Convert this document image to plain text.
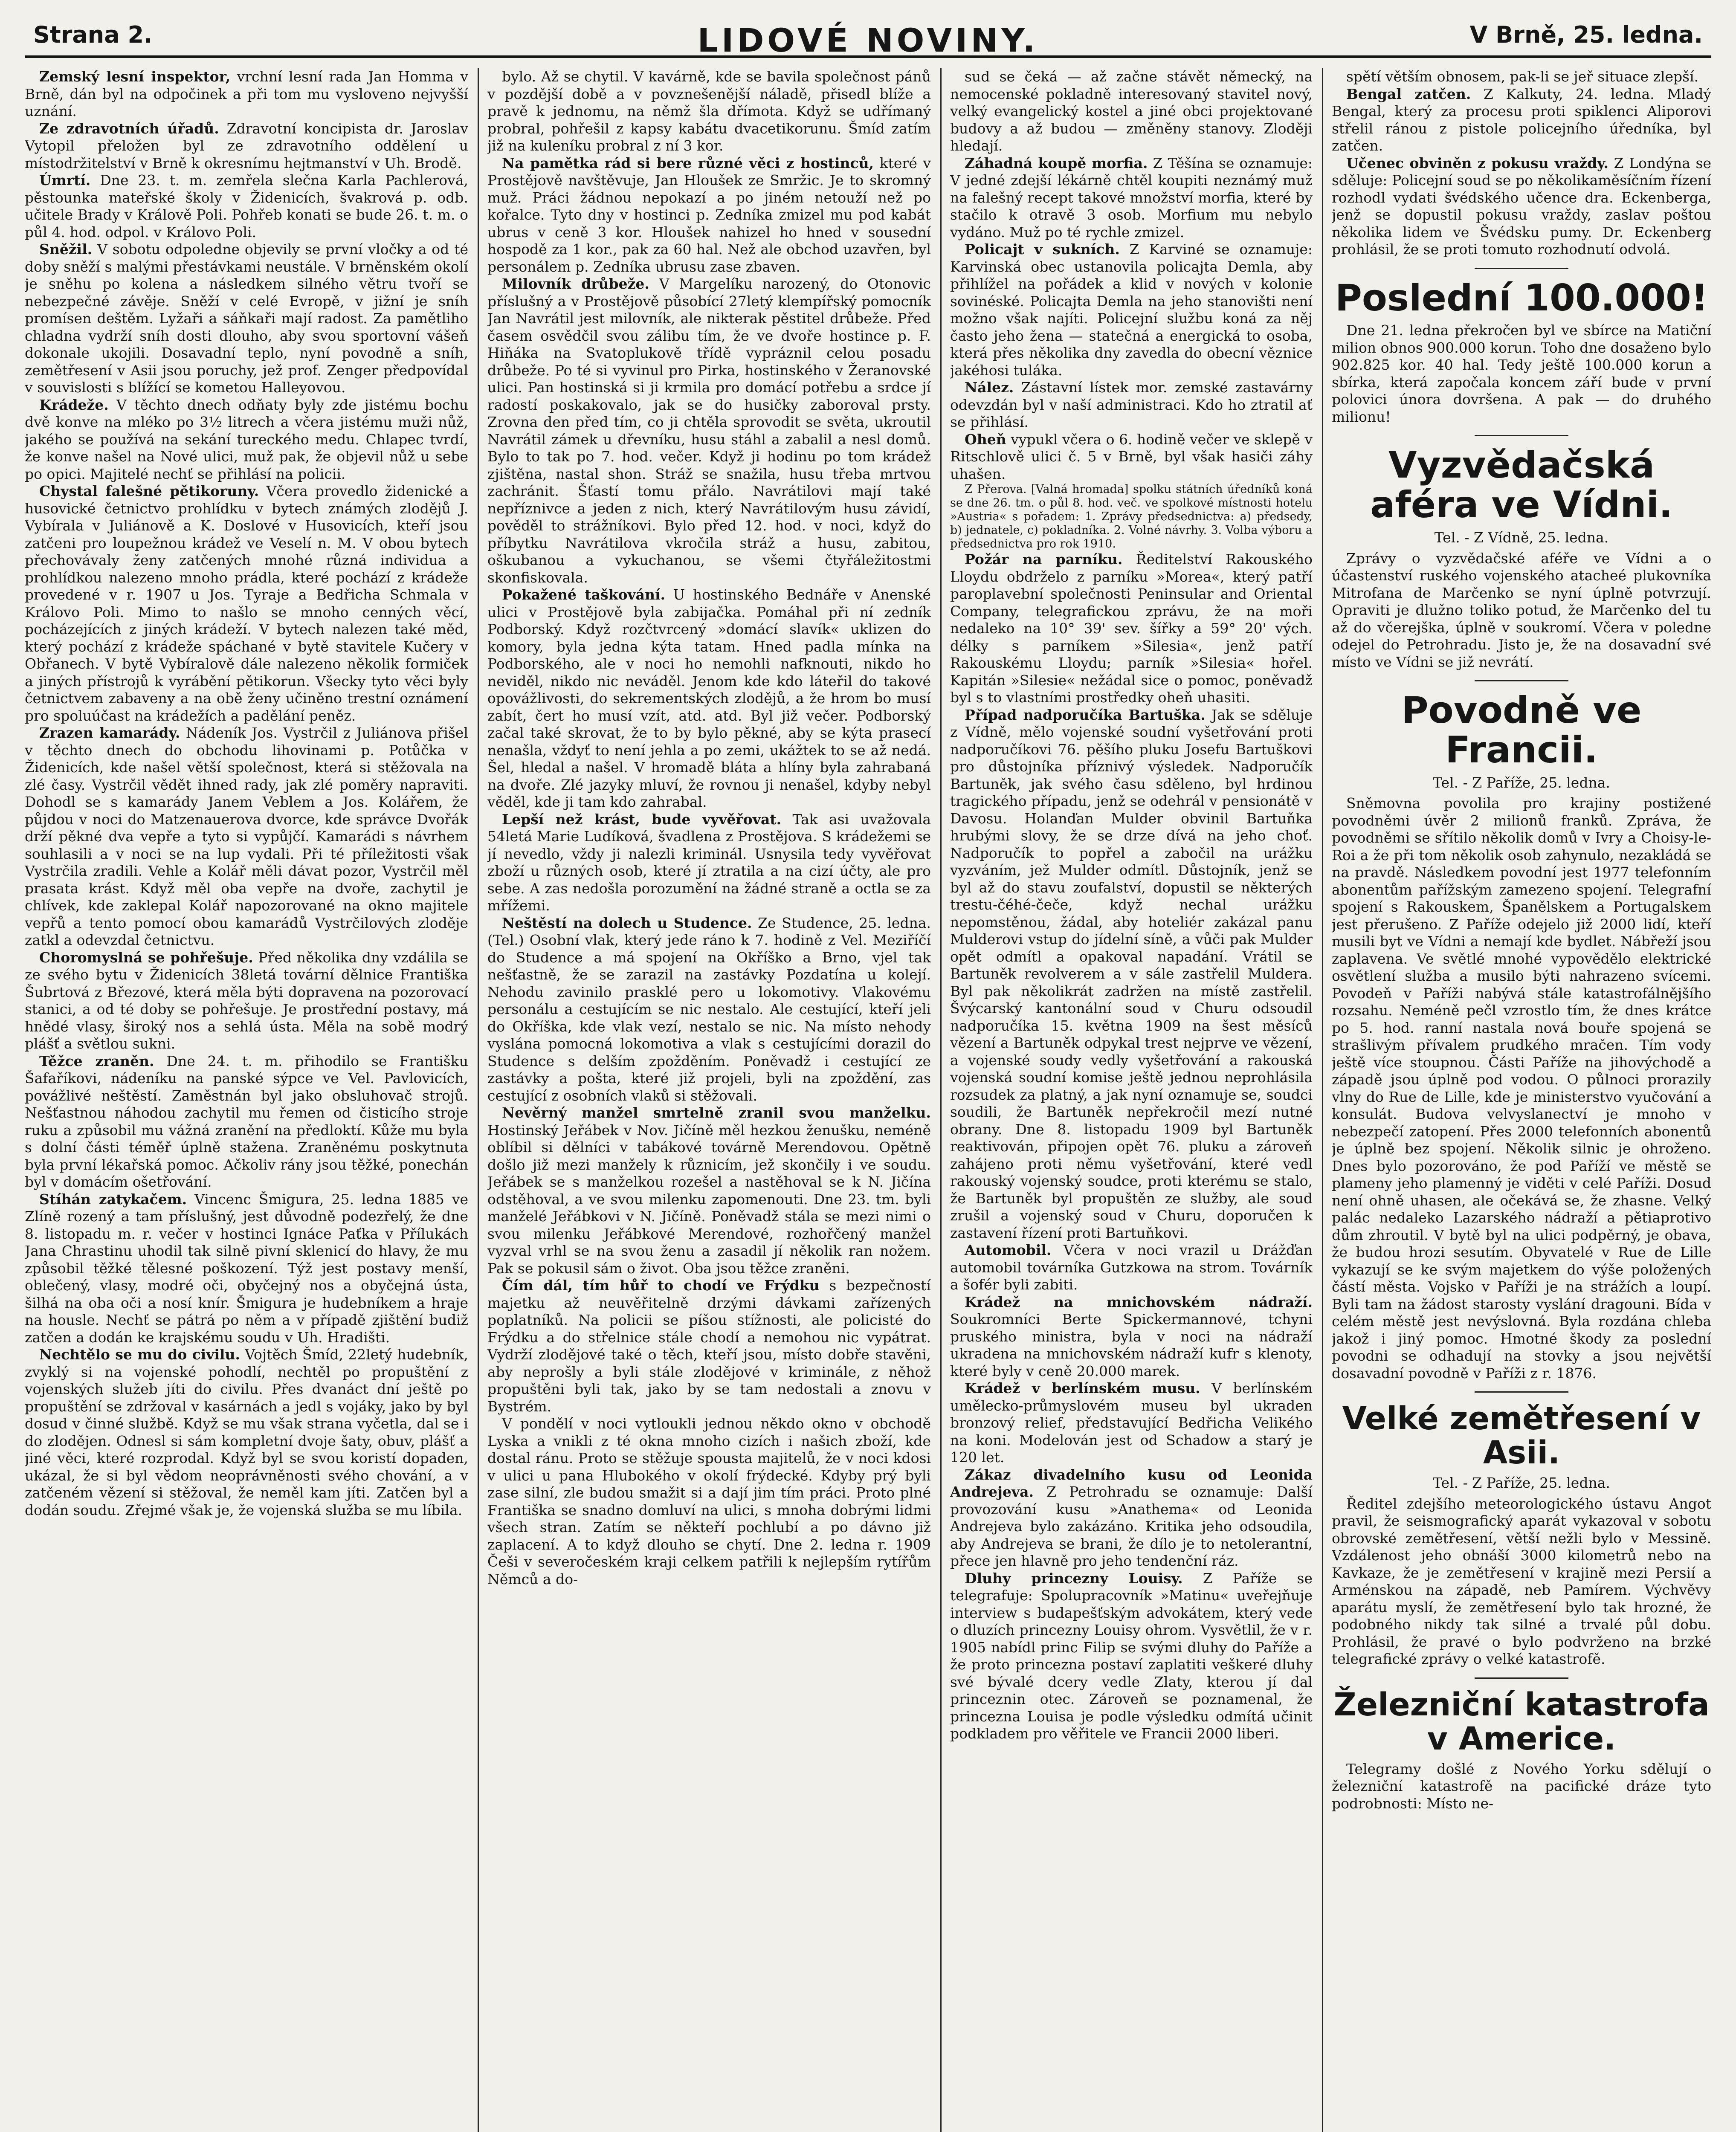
Strana 2.	LIDOVÉ NOVINY.	V Brně, 25. ledna.

Zemský lesní inspektor, vrchní lesní rada Jan Homma v Brně, dán byl na odpočinek a při tom mu vysloveno nejvyšší uznání.

Ze zdravotních úřadů. Zdravotní koncipista dr. Jaroslav Vytopil přeložen byl ze zdravotního oddělení u místodržitelství v Brně k okresnímu hejtmanství v Uh. Brodě.

Úmrtí. Dne 23. t. m. zemřela slečna Karla Pachlerová, pěstounka mateřské školy v Židenicích, švakrová p. odb. učitele Brady v Králově Poli. Pohřeb konati se bude 26. t. m. o půl 4. hod. odpol. v Královo Poli.

Sněžil. V sobotu odpoledne objevily se první vločky a od té doby sněží s malými přestávkami neustále. V brněnském okolí je sněhu po kolena a následkem silného větru tvoří se nebezpečné závěje. Sněží v celé Evropě, v jižní je sníh promísen deštěm. Lyžaři a sáňkaři mají radost. Za pamětliho chladna vydrží sníh dosti dlouho, aby svou sportovní vášeň dokonale ukojili. Dosavadní teplo, nyní povodně a sníh, zemětřesení v Asii jsou poruchy, jež prof. Zenger předpovídal v souvislosti s blížící se kometou Halleyovou.

Krádeže. V těchto dnech odňaty byly zde jistému bochu dvě konve na mléko po 3½ litrech a včera jistému muži nůž, jakého se používá na sekání tureckého medu. Chlapec tvrdí, že konve našel na Nové ulici, muž pak, že objevil nůž u sebe po opici. Majitelé nechť se přihlásí na policii.

Chystal falešné pětikoruny. Včera provedlo židenické a husovické četnictvo prohlídku v bytech známých zlodějů J. Vybírala v Juliánově a K. Doslové v Husovicích, kteří jsou zatčeni pro loupežnou krádež ve Veselí n. M. V obou bytech přechovávaly ženy zatčených mnohé různá individua a prohlídkou nalezeno mnoho prádla, které pochází z krádeže provedené v r. 1907 u Jos. Tyraje a Bedřicha Schmala v Královo Poli. Mimo to našlo se mnoho cenných věcí, pocházejících z jiných krádeží. V bytech nalezen také měd, který pochází z krádeže spáchané v bytě stavitele Kučery v Obřanech. V bytě Vybíralově dále nalezeno několik formiček a jiných přístrojů k vyrábění pětikorun. Všecky tyto věci byly četnictvem zabaveny a na obě ženy učiněno trestní oznámení pro spoluúčast na krádežích a padělání peněz.

Zrazen kamarády. Nádeník Jos. Vystrčil z Juliánova přišel v těchto dnech do obchodu lihovinami p. Potůčka v Židenicích, kde našel větší společnost, která si stěžovala na zlé časy. Vystrčil vědět ihned rady, jak zlé poměry napraviti. Dohodl se s kamarády Janem Veblem a Jos. Kolářem, že půjdou v noci do Matzenauerova dvorce, kde správce Dvořák drží pěkné dva vepře a tyto si vypůjčí. Kamarádi s návrhem souhlasili a v noci se na lup vydali. Při té příležitosti však Vystrčila zradili. Vehle a Kolář měli dávat pozor, Vystrčil měl prasata krást. Když měl oba vepře na dvoře, zachytil je chlívek, kde zaklepal Kolář napozorované na okno majitele vepřů a tento pomocí obou kamarádů Vystrčilových zloděje zatkl a odevzdal četnictvu.

Choromyslná se pohřešuje. Před několika dny vzdálila se ze svého bytu v Židenicích 38letá tovární dělnice Františka Šubrtová z Březové, která měla býti dopravena na pozorovací stanici, a od té doby se pohřešuje. Je prostřední postavy, má hnědé vlasy, široký nos a sehlá ústa. Měla na sobě modrý plášť a světlou sukni.

Těžce zraněn. Dne 24. t. m. přihodilo se Františku Šafaříkovi, nádeníku na panské sýpce ve Vel. Pavlovicích, povážlivé neštěstí. Zaměstnán byl jako obsluhovač strojů. Nešťastnou náhodou zachytil mu řemen od čisticího stroje ruku a způsobil mu vážná zranění na předloktí. Kůže mu byla s dolní části téměř úplně stažena. Zraněnému poskytnuta byla první lékařská pomoc. Ačkoliv rány jsou těžké, ponechán byl v domácím ošetřování.

Stíhán zatykačem. Vincenc Šmigura, 25. ledna 1885 ve Zlíně rozený a tam příslušný, jest důvodně podezřelý, že dne 8. listopadu m. r. večer v hostinci Ignáce Paťka v Přílukách Jana Chrastinu uhodil tak silně pivní sklenicí do hlavy, že mu způsobil těžké tělesné poškození. Týž jest postavy menší, oblečený, vlasy, modré oči, obyčejný nos a obyčejná ústa, šilhá na oba oči a nosí knír. Šmigura je hudebníkem a hraje na housle. Nechť se pátrá po něm a v případě zjištění budiž zatčen a dodán ke krajskému soudu v Uh. Hradišti.

Nechtělo se mu do civilu. Vojtěch Šmíd, 22letý hudebník, zvyklý si na vojenské pohodlí, nechtěl po propuštění z vojenských služeb jíti do civilu. Přes dvanáct dní ještě po propuštění se zdržoval v kasárnách a jedl s vojáky, jako by byl dosud v činné službě. Když se mu však strana vyčetla, dal se i do zlodějen. Odnesl si sám kompletní dvoje šaty, obuv, plášť a jiné věci, které rozprodal. Když byl se svou koristí dopaden, ukázal, že si byl vědom neoprávněnosti svého chování, a v zatčeném vězení si stěžoval, že neměl kam jíti. Zatčen byl a dodán soudu. Zřejmé však je, že vojenská služba se mu líbila.

bylo. Až se chytil. V kavárně, kde se bavila společnost pánů v pozdější době a v povznešenější náladě, přisedl blíže a pravě k jednomu, na němž šla dřímota. Když se udřímaný probral, pohřešil z kapsy kabátu dvacetikorunu. Šmíd zatím již na kuleníku probral z ní 3 kor.

Na pamětka rád si bere různé věci z hostinců, které v Prostějově navštěvuje, Jan Hloušek ze Smržic. Je to skromný muž. Práci žádnou nepokazí a po jiném netouží než po kořalce. Tyto dny v hostinci p. Zedníka zmizel mu pod kabát ubrus v ceně 3 kor. Hloušek nahizel ho hned v sousední hospodě za 1 kor., pak za 60 hal. Než ale obchod uzavřen, byl personálem p. Zedníka ubrusu zase zbaven.

Milovník drůbeže. V Margelíku narozený, do Otonovic příslušný a v Prostějově působící 27letý klempířský pomocník Jan Navrátil jest milovník, ale nikterak pěstitel drůbeže. Před časem osvědčil svou zálibu tím, že ve dvoře hostince p. F. Hiňáka na Svatoplukově třídě vypráznil celou posadu drůbeže. Po té si vyvinul pro Pirka, hostinského v Žeranovské ulici. Pan hostinská si ji krmila pro domácí potřebu a srdce jí radostí poskakovalo, jak se do husičky zaboroval prsty. Zrovna den před tím, co ji chtěla sprovodit se světa, ukroutil Navrátil zámek u dřevníku, husu stáhl a zabalil a nesl domů. Bylo to tak po 7. hod. večer. Když ji hodinu po tom krádež zjištěna, nastal shon. Stráž se snažila, husu třeba mrtvou zachránit. Šťastí tomu přálo. Navrátilovi mají také nepříznivce a jeden z nich, který Navrátilovým husu závidí, pověděl to strážníkovi. Bylo před 12. hod. v noci, když do příbytku Navrátilova vkročila stráž a husu, zabitou, oškubanou a vykuchanou, se všemi čtyřáležitostmi skonfiskovala.

Pokažené taškování. U hostinského Bednáře v Anenské ulici v Prostějově byla zabijačka. Pomáhal při ní zedník Podborský. Když rozčtvrcený »domácí slavík« uklizen do komory, byla jedna kýta tatam. Hned padla mínka na Podborského, ale v noci ho nemohli nafknouti, nikdo ho neviděl, nikdo nic neváděl. Jenom kde kdo láteřil do takové opovážlivosti, do sekrementských zlodějů, a že hrom bo musí zabít, čert ho musí vzít, atd. atd. Byl již večer. Podborský začal také skrovat, že to by bylo pěkné, aby se kýta prasecí nenašla, vždyť to není jehla a po zemi, ukážtek to se až nedá. Šel, hledal a našel. V hromadě bláta a hlíny byla zahrabaná na dvoře. Zlé jazyky mluví, že rovnou ji nenašel, kdyby nebyl věděl, kde ji tam kdo zahrabal.

Lepší než krást, bude vyvěřovat. Tak asi uvažovala 54letá Marie Ludíková, švadlena z Prostějova. S krádežemi se jí nevedlo, vždy ji nalezli kriminál. Usnysila tedy vyvěřovat zboží u různých osob, které jí ztratila a na cizí účty, ale pro sebe. A zas nedošla porozumění na žádné straně a octla se za mřížemi.

Neštěstí na dolech u Studence. Ze Studence, 25. ledna. (Tel.) Osobní vlak, který jede ráno k 7. hodině z Vel. Meziříčí do Studence a má spojení na Okříško a Brno, vjel tak nešťastně, že se zarazil na zastávky Pozdatína u kolejí. Nehodu zavinilo prasklé pero u lokomotivy. Vlakovému personálu a cestujícím se nic nestalo. Ale cestující, kteří jeli do Okříška, kde vlak vezí, nestalo se nic. Na místo nehody vyslána pomocná lokomotiva a vlak s cestujícími dorazil do Studence s delším zpožděním. Poněvadž i cestující ze zastávky a pošta, které již projeli, byli na zpoždění, zas cestující z osobních vlaků si stěžovali.

Nevěrný manžel smrtelně zranil svou manželku. Hostinský Jeřábek v Nov. Jičíně měl hezkou ženušku, neméně oblíbil si dělníci v tabákové továrně Merendovou. Opětně došlo již mezi manžely k různicím, jež skončily i ve soudu. Jeřábek se s manželkou rozešel a nastěhoval se k N. Jičína odstěhoval, a ve svou milenku zapomenouti. Dne 23. tm. byli manželé Jeřábkovi v N. Jičíně. Poněvadž stála se mezi nimi o svou milenku Jeřábkové Merendové, rozhořčený manžel vyzval vrhl se na svou ženu a zasadil jí několik ran nožem. Pak se pokusil sám o život. Oba jsou těžce zraněni.

Čím dál, tím hůř to chodí ve Frýdku s bezpečností majetku až neuvěřitelně drzými dávkami zařízených poplatníků. Na policii se píšou stížnosti, ale policisté do Frýdku a do střelnice stále chodí a nemohou nic vypátrat. Vydrží zlodějové také o těch, kteří jsou, místo dobře stavěni, aby neprošly a byli stále zlodějové v kriminále, z něhož propuštěni byli tak, jako by se tam nedostali a znovu v Bystrém.

V pondělí v noci vytloukli jednou někdo okno v obchodě Lyska a vnikli z té okna mnoho cizích i našich zboží, kde dostal ránu. Proto se stěžuje spousta majitelů, že v noci kdosi v ulici u pana Hlubokého v okolí frýdecké. Kdyby prý byli zase silní, zle budou smažit si a dají jim tím práci. Proto plné Františka se snadno domluví na ulici, s mnoha dobrými lidmi všech stran. Zatím se někteří pochlubí a po dávno již zaplacení. A to když dlouho se chytí. Dne 2. ledna r. 1909 Češi v severočeském kraji celkem patřili k nejlepším rytířům Němců a do-

sud se čeká — až začne stávět německý, na nemocenské pokladně interesovaný stavitel nový, velký evangelický kostel a jiné obci projektované budovy a až budou — změněny stanovy. Zloději hledají.

Záhadná koupě morfia. Z Těšína se oznamuje: V jedné zdejší lékárně chtěl koupiti neznámý muž na falešný recept takové množství morfia, které by stačilo k otravě 3 osob. Morfium mu nebylo vydáno. Muž po té rychle zmizel.

Policajt v sukních. Z Karviné se oznamuje: Karvinská obec ustanovila policajta Demla, aby přihlížel na pořádek a klid v nových v kolonie sovinéské. Policajta Demla na jeho stanovišti není možno však najíti. Policejní službu koná za něj často jeho žena — statečná a energická to osoba, která přes několika dny zavedla do obecní věznice jakéhosi tuláka.

Nález. Zástavní lístek mor. zemské zastavárny odevzdán byl v naší administraci. Kdo ho ztratil ať se přihlásí.

Oheň vypukl včera o 6. hodině večer ve sklepě v Ritschlově ulici č. 5 v Brně, byl však hasiči záhy uhašen.

Z Přerova. [Valná hromada] spolku státních úředníků koná se dne 26. tm. o půl 8. hod. več. ve spolkové místnosti hotelu »Austria« s pořadem: 1. Zprávy předsednictva: a) předsedy, b) jednatele, c) pokladníka. 2. Volné návrhy. 3. Volba výboru a předsednictva pro rok 1910.

Požár na parníku. Ředitelství Rakouského Lloydu obdrželo z parníku »Morea«, který patří paroplavební společnosti Peninsular and Oriental Company, telegrafickou zprávu, že na moři nedaleko na 10° 39' sev. šířky a 59° 20' vých. délky s parníkem »Silesia«, jenž patří Rakouskému Lloydu; parník »Silesia« hořel. Kapitán »Silesie« nežádal sice o pomoc, poněvadž byl s to vlastními prostředky oheň uhasiti.

Případ nadporučíka Bartuška. Jak se sděluje z Vídně, mělo vojenské soudní vyšetřování proti nadporučíkovi 76. pěšího pluku Josefu Bartuškovi pro důstojníka příznivý výsledek. Nadporučík Bartuněk, jak svého času sděleno, byl hrdinou tragického případu, jenž se odehrál v pensionátě v Davosu. Holanďan Mulder obvinil Bartuňka hrubými slovy, že se drze dívá na jeho choť. Nadporučík to popřel a zabočil na urážku vyzváním, jež Mulder odmítl. Důstojník, jenž se byl až do stavu zoufalství, dopustil se některých trestu-čéhé-čeče, když nechal urážku nepomstěnou, žádal, aby hoteliér zakázal panu Mulderovi vstup do jídelní síně, a vůči pak Mulder opět odmítl a opakoval napadání. Vrátil se Bartuněk revolverem a v sále zastřelil Muldera. Byl pak několikrát zadržen na místě zastřelil. Švýcarský kantonální soud v Churu odsoudil nadporučíka 15. května 1909 na šest měsíců vězení a Bartuněk odpykal trest nejprve ve vězení, a vojenské soudy vedly vyšetřování a rakouská vojenská soudní komise ještě jednou neprohlásila rozsudek za platný, a jak nyní oznamuje se, soudci soudili, že Bartuněk nepřekročil mezí nutné obrany. Dne 8. listopadu 1909 byl Bartuněk reaktivován, připojen opět 76. pluku a zároveň zahájeno proti němu vyšetřování, které vedl rakouský vojenský soudce, proti kterému se stalo, že Bartuněk byl propuštěn ze služby, ale soud zrušil a vojenský soud v Churu, doporučen k zastavení řízení proti Bartuňkovi.

Automobil. Včera v noci vrazil u Drážďan automobil továrníka Gutzkowa na strom. Továrník a šofér byli zabiti.

Krádež na mnichovském nádraží. Soukromníci Berte Spickermannové, tchyni pruského ministra, byla v noci na nádraží ukradena na mnichovském nádraží kufr s klenoty, které byly v ceně 20.000 marek.

Krádež v berlínském musu. V berlínském umělecko-průmyslovém museu byl ukraden bronzový relief, představující Bedřicha Velikého na koni. Modelován jest od Schadow a starý je 120 let.

Zákaz divadelního kusu od Leonida Andrejeva. Z Petrohradu se oznamuje: Další provozování kusu »Anathema« od Leonida Andrejeva bylo zakázáno. Kritika jeho odsoudila, aby Andrejeva se brani, že dílo je to netolerantní, přece jen hlavně pro jeho tendenční ráz.

Dluhy princezny Louisy. Z Paříže se telegrafuje: Spolupracovník »Matinu« uveřejňuje interview s budapešťským advokátem, který vede o dluzích princezny Louisy ohrom. Vysvětlil, že v r. 1905 nabídl princ Filip se svými dluhy do Paříže a že proto princezna postaví zaplatiti veškeré dluhy své bývalé dcery vedle Zlaty, kterou jí dal princeznin otec. Zároveň se poznamenal, že princezna Louisa je podle výsledku odmítá učinit podkladem pro věřitele ve Francii 2000 liberi.

spětí větším obnosem, pak-li se jeř situace zlepší.

Bengal zatčen. Z Kalkuty, 24. ledna. Mladý Bengal, který za procesu proti spiklenci Aliporovi střelil ránou z pistole policejního úředníka, byl zatčen.

Učenec obviněn z pokusu vraždy. Z Londýna se sděluje: Policejní soud se po několikaměsíčním řízení rozhodl vydati švédského učence dra. Eckenberga, jenž se dopustil pokusu vraždy, zaslav poštou několika lidem ve Švédsku pumy. Dr. Eckenberg prohlásil, že se proti tomuto rozhodnutí odvolá.

Poslední 100.000!

Dne 21. ledna překročen byl ve sbírce na Matiční milion obnos 900.000 korun. Toho dne dosaženo bylo 902.825 kor. 40 hal. Tedy ještě 100.000 korun a sbírka, která započala koncem září bude v první polovici února dovršena. A pak — do druhého milionu!

Vyzvědačská aféra ve Vídni.

Tel. - Z Vídně, 25. ledna.

Zprávy o vyzvědačské aféře ve Vídni a o účastenství ruského vojenského atacheé plukovníka Mitrofana de Marčenko se nyní úplně potvrzují. Opraviti je dlužno toliko potud, že Marčenko del tu až do včerejška, úplně v soukromí. Včera v poledne odejel do Petrohradu. Jisto je, že na dosavadní své místo ve Vídni se již nevrátí.

Povodně ve Francii.

Tel. - Z Paříže, 25. ledna.

Sněmovna povolila pro krajiny postižené povodněmi úvěr 2 milionů franků. Zpráva, že povodněmi se sřítilo několik domů v Ivry a Choisy-le-Roi a že při tom několik osob zahynulo, nezakládá se na pravdě. Následkem povodní jest 1977 telefonním abonentům pařížským zamezeno spojení. Telegrafní spojení s Rakouskem, Španělskem a Portugalskem jest přerušeno. Z Paříže odejelo již 2000 lidí, kteří musili byt ve Vídni a nemají kde bydlet. Nábřeží jsou zaplavena. Ve světlé mnohé vypovědělo elektrické osvětlení služba a musilo býti nahrazeno svícemi. Povodeň v Paříži nabývá stále katastrofálnějšího rozsahu. Neméně pečl vzrostlo tím, že dnes krátce po 5. hod. ranní nastala nová bouře spojená se strašlivým přívalem prudkého mračen. Tím vody ještě více stoupnou. Části Paříže na jihovýchodě a západě jsou úplně pod vodou. O půlnoci prorazily vlny do Rue de Lille, kde je ministerstvo vyučování a konsulát. Budova velvyslanectví je mnoho v nebezpečí zatopení. Přes 2000 telefonních abonentů je úplně bez spojení. Několik silnic je ohroženo. Dnes bylo pozorováno, že pod Paříží ve městě se plameny jeho plamenný je viděti v celé Paříži. Dosud není ohně uhasen, ale očekává se, že zhasne. Velký palác nedaleko Lazarského nádraží a pětiaprotivo dům zhroutil. V bytě byl na ulici podpěrný, je obava, že budou hrozi sesutím. Obyvatelé v Rue de Lille vykazují se ke svým majetkem do výše položených částí města. Vojsko v Paříži je na strážích a loupí. Byli tam na žádost starosty vyslání dragouni. Bída v celém městě jest nevýslovná. Byla rozdána chleba jakož i jiný pomoc. Hmotné škody za poslední povodni se odhadují na stovky a jsou největší dosavadní povodně v Paříži z r. 1876.

Velké zemětřesení v Asii.

Tel. - Z Paříže, 25. ledna.

Ředitel zdejšího meteorologického ústavu Angot pravil, že seismografický aparát vykazoval v sobotu obrovské zemětřesení, větší nežli bylo v Messině. Vzdálenost jeho obnáší 3000 kilometrů nebo na Kavkaze, že je zemětřesení v krajině mezi Persií a Arménskou na západě, neb Pamírem. Výchvěvy aparátu myslí, že zemětřesení bylo tak hrozné, že podobného nikdy tak silné a trvalé půl dobu. Prohlásil, že pravé o bylo podvrženo na brzké telegrafické zprávy o velké katastrofě.

Železniční katastrofa v Americe.

Telegramy došlé z Nového Yorku sdělují o železniční katastrofě na pacifické dráze tyto podrobnosti: Místo ne-
